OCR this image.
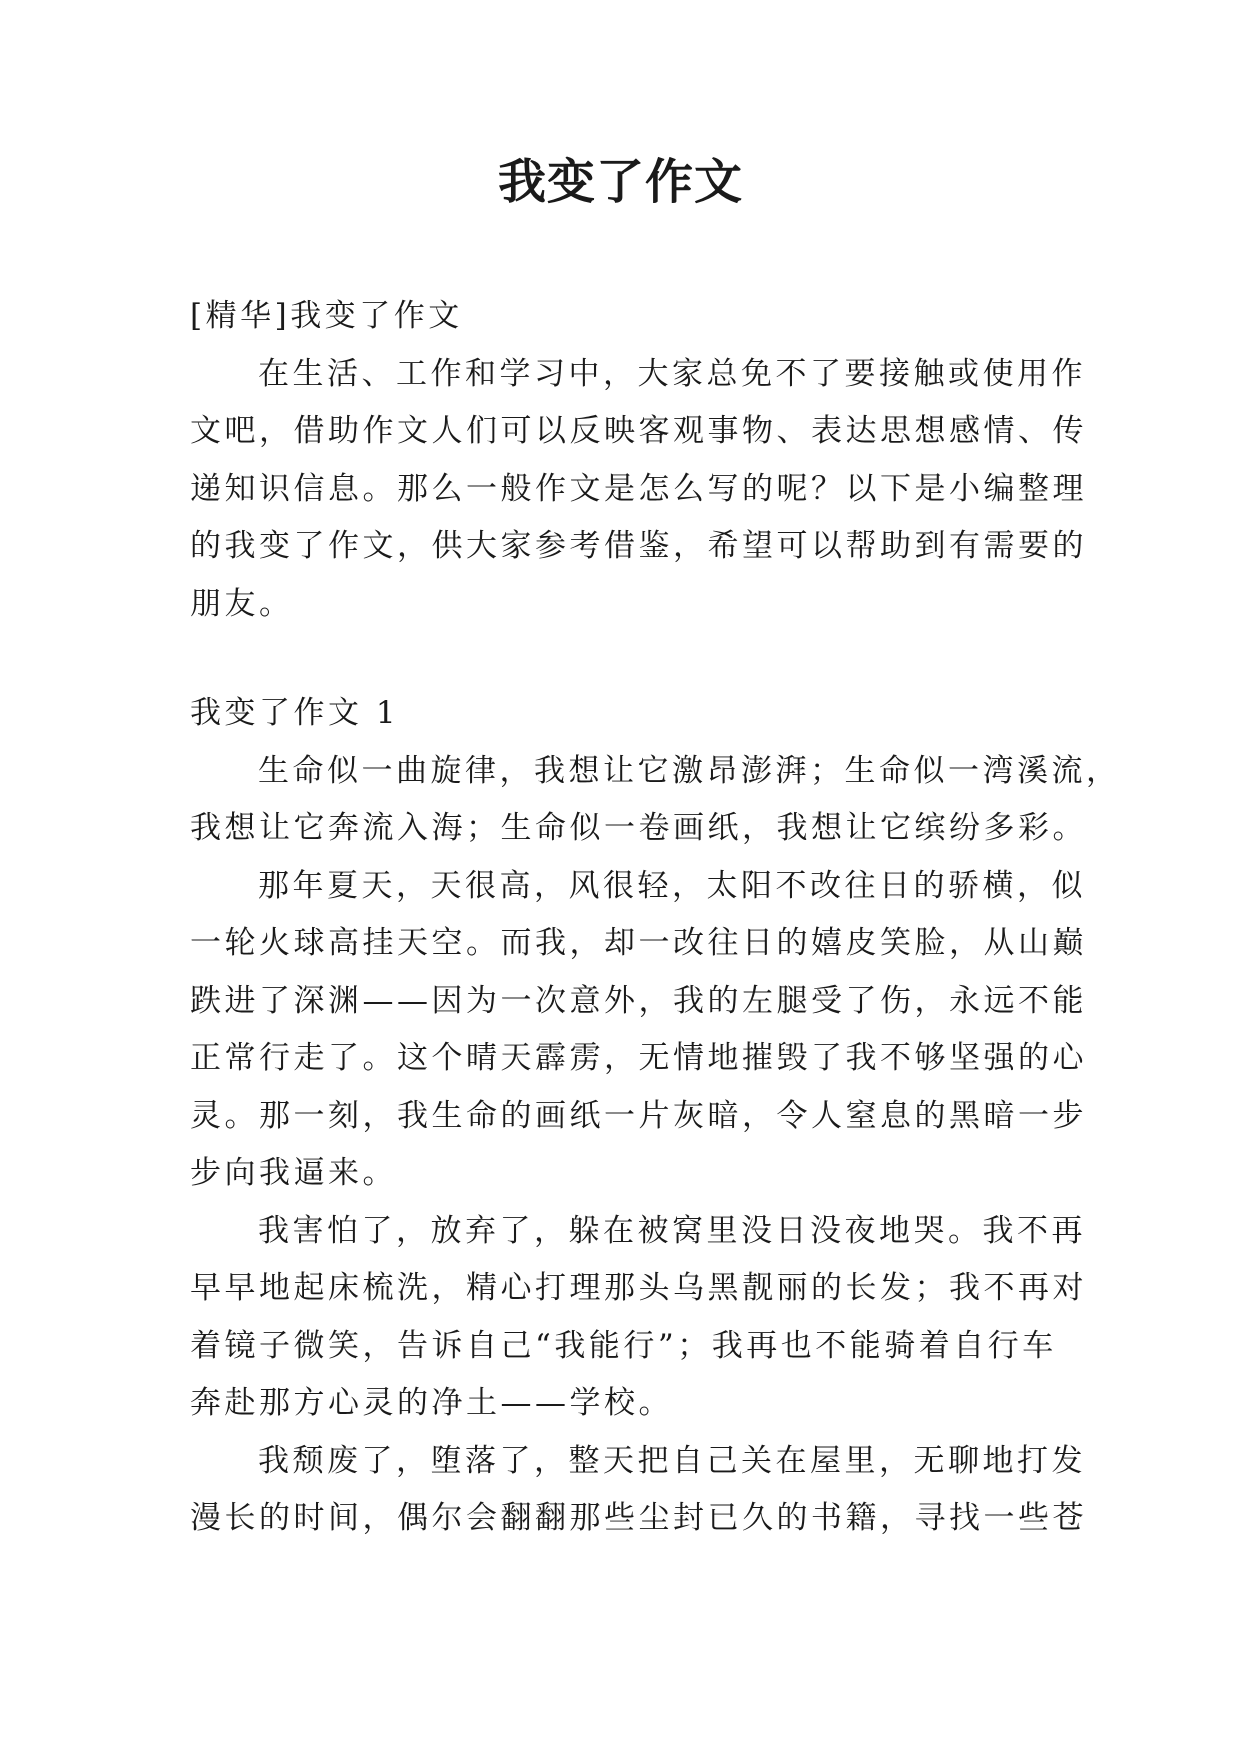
我变了作文
[精华]我变了作文
在生活、工作和学习中，大家总免不了要接触或使用作
文吧，借助作文人们可以反映客观事物、表达思想感情、传
递知识信息。那么一般作文是怎么写的呢？以下是小编整理
的我变了作文，供大家参考借鉴，希望可以帮助到有需要的
朋友。
我变了作文 1
生命似一曲旋律，我想让它激昂澎湃；生命似一湾溪流，
我想让它奔流入海；生命似一卷画纸，我想让它缤纷多彩。
那年夏天，天很高，风很轻，太阳不改往日的骄横，似
一轮火球高挂天空。而我，却一改往日的嬉皮笑脸，从山巅
跌进了深渊——因为一次意外，我的左腿受了伤，永远不能
正常行走了。这个晴天霹雳，无情地摧毁了我不够坚强的心
灵。那一刻，我生命的画纸一片灰暗，令人窒息的黑暗一步
步向我逼来。
我害怕了，放弃了，躲在被窝里没日没夜地哭。我不再
早早地起床梳洗，精心打理那头乌黑靓丽的长发；我不再对
着镜子微笑，告诉自己“我能行”；我再也不能骑着自行车
奔赴那方心灵的净土——学校。
我颓废了，堕落了，整天把自己关在屋里，无聊地打发
漫长的时间，偶尔会翻翻那些尘封已久的书籍，寻找一些苍
